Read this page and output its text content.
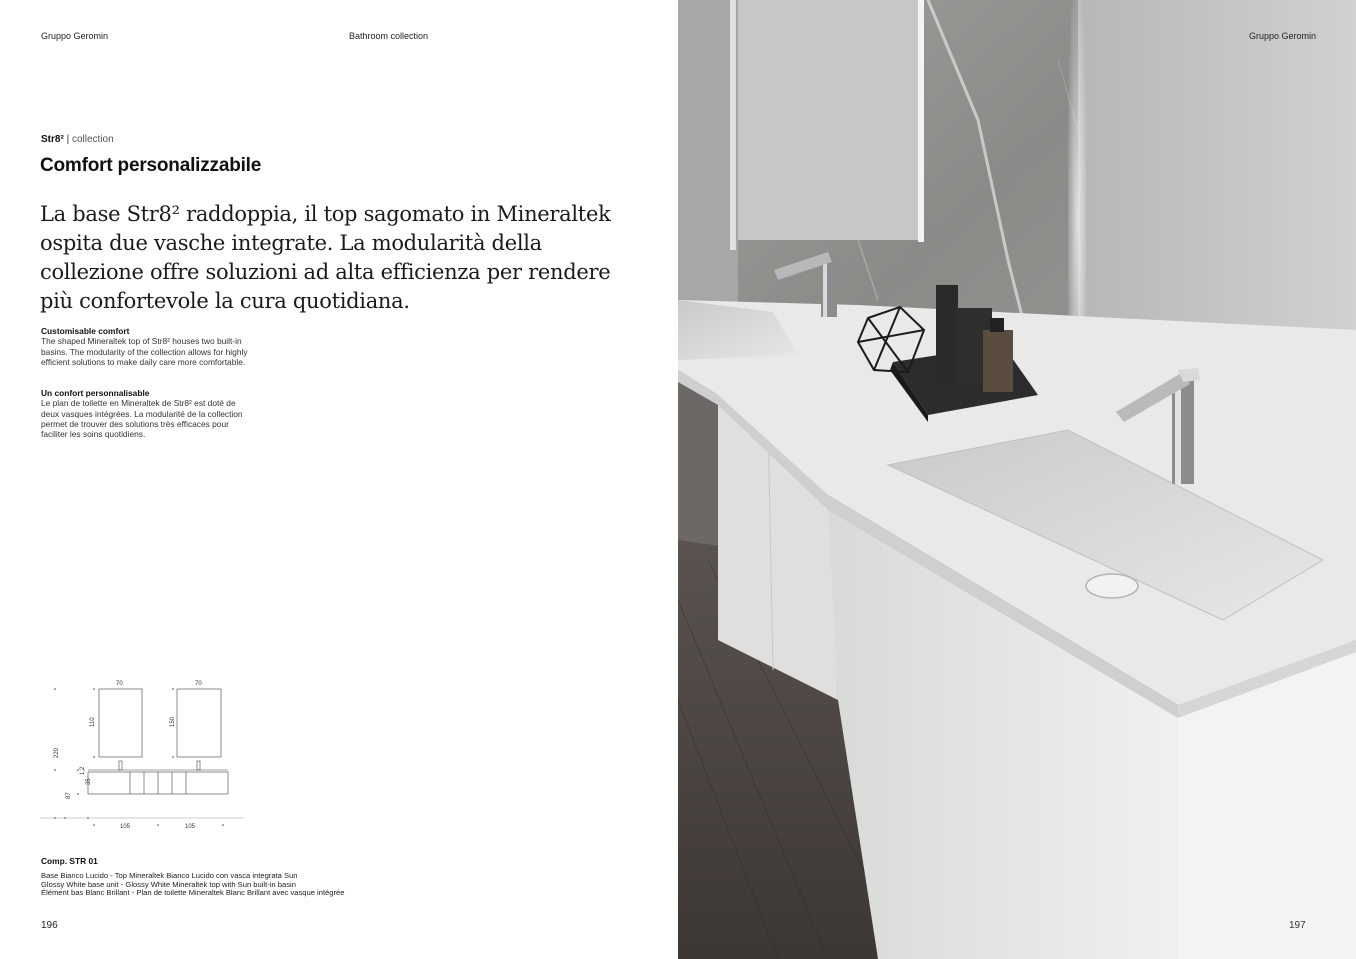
Gruppo Geromin	Bathroom collection
Str8² | collection
Comfort personalizzabile

La base Str8² raddoppia, il top sagomato in Mineraltek ospita due vasche integrate. La modularità della collezione offre soluzioni ad alta efficienza per rendere più confortevole la cura quotidiana.

Customisable comfort
The shaped Mineraltek top of Str8² houses two built-in basins. The modularity of the collection allows for highly efficient solutions to make daily care more comfortable.
Un confort personnalisable
Le plan de toilette en Mineraltek de Str8² est doté de deux vasques intégrées. La modularité de la collection permet de trouver des solutions très efficaces pour faciliter les soins quotidiens.
70	70
110	150
220
1,2
35
87
105	105
Comp. STR 01
Base Bianco Lucido - Top Mineraltek Bianco Lucido con vasca integrata Sun
Glossy White base unit - Glossy White Mineraltek top with Sun built-in basin
Élément bas Blanc Brillant - Plan de toilette Mineraltek Blanc Brillant avec vasque intégrée
196
Gruppo Geromin
197
